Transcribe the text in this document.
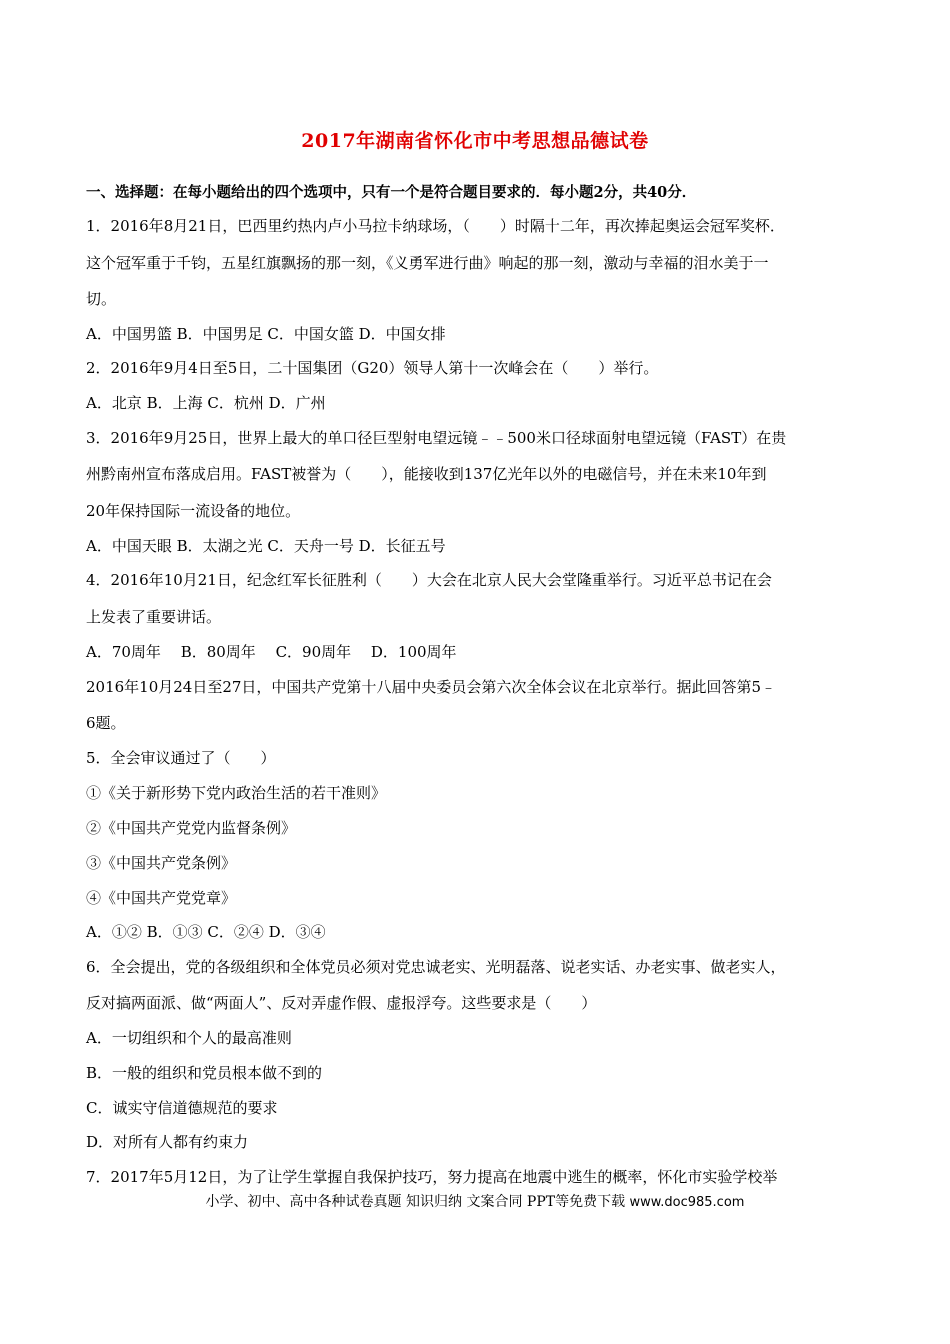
2017年湖南省怀化市中考思想品德试卷
一、选择题：在每小题给出的四个选项中，只有一个是符合题目要求的．每小题2分，共40分．
1．2016年8月21日，巴西里约热内卢小马拉卡纳球场，（　　）时隔十二年，再次捧起奥运会冠军奖杯．
这个冠军重于千钧，五星红旗飘扬的那一刻，《义勇军进行曲》响起的那一刻，激动与幸福的泪水美于一
切。
A．中国男篮 B．中国男足 C．中国女篮 D．中国女排
2．2016年9月4日至5日，二十国集团（G20）领导人第十一次峰会在（　　）举行。
A．北京 B．上海 C．杭州 D．广州
3．2016年9月25日，世界上最大的单口径巨型射电望远镜﹣﹣500米口径球面射电望远镜（FAST）在贵
州黔南州宣布落成启用。FAST被誉为（　　），能接收到137亿光年以外的电磁信号，并在未来10年到
20年保持国际一流设备的地位。
A．中国天眼 B．太湖之光 C．天舟一号 D．长征五号
4．2016年10月21日，纪念红军长征胜利（　　）大会在北京人民大会堂隆重举行。习近平总书记在会
上发表了重要讲话。
A．70周年　 B．80周年　 C．90周年　 D．100周年
2016年10月24日至27日，中国共产党第十八届中央委员会第六次全体会议在北京举行。据此回答第5﹣
6题。
5．全会审议通过了（　　）
①《关于新形势下党内政治生活的若干准则》
②《中国共产党党内监督条例》
③《中国共产党条例》
④《中国共产党党章》
A．①② B．①③ C．②④ D．③④
6．全会提出，党的各级组织和全体党员必须对党忠诚老实、光明磊落、说老实话、办老实事、做老实人，
反对搞两面派、做“两面人”、反对弄虚作假、虚报浮夸。这些要求是（　　）
A．一切组织和个人的最高准则
B．一般的组织和党员根本做不到的
C．诚实守信道德规范的要求
D．对所有人都有约束力
7．2017年5月12日，为了让学生掌握自我保护技巧，努力提高在地震中逃生的概率，怀化市实验学校举
小学、初中、高中各种试卷真题 知识归纳 文案合同 PPT等免费下载 www.doc985.com
